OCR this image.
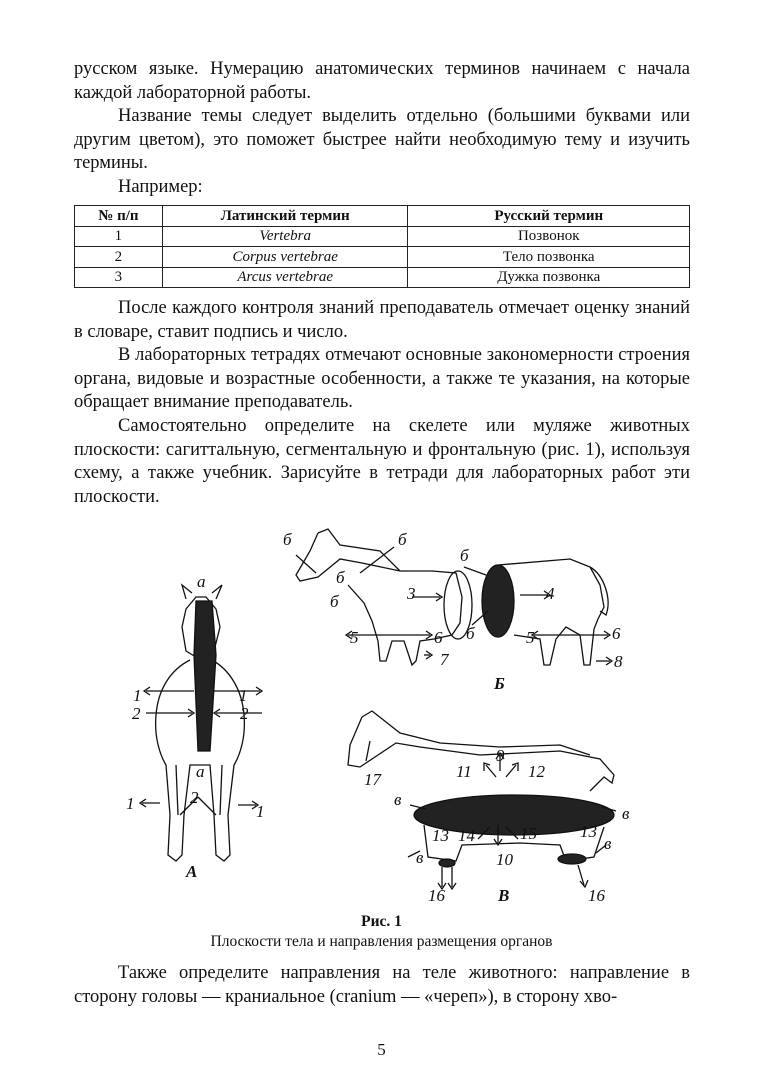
русском языке. Нумерацию анатомических терминов начинаем с начала каждой лабораторной работы.

Название темы следует выделить отдельно (большими буквами или другим цветом), это поможет быстрее найти необходимую тему и изучить термины.

Например:

№ п/п	Латинский термин	Русский термин
1	Vertebra	Позвонок
2	Corpus vertebrae	Тело позвонка
3	Arcus vertebrae	Дужка позвонка

После каждого контроля знаний преподаватель отмечает оценку знаний в словаре, ставит подпись и число.

В лабораторных тетрадях отмечают основные закономерности строения органа, видовые и возрастные особенности, а также те указания, на которые обращает внимание преподаватель.

Самостоятельно определите на скелете или муляже животных плоскости: сагиттальную, сегментальную и фронтальную (рис. 1), используя схему, а также учебник. Зарисуйте в тетради для лабораторных работ эти плоскости.

а
а
1	1
2	2
1	2
1
А
б	б
б
б
б
б
3	4
5	6
7
5	6
8
Б
9
11	12
17
в
в
13 14	15	13
10
в
в
16	16
В
Рис. 1
Плоскости тела и направления размещения органов

Также определите направления на теле животного: направление в сторону головы — краниальное (cranium — «череп»), в сторону хво-

5
